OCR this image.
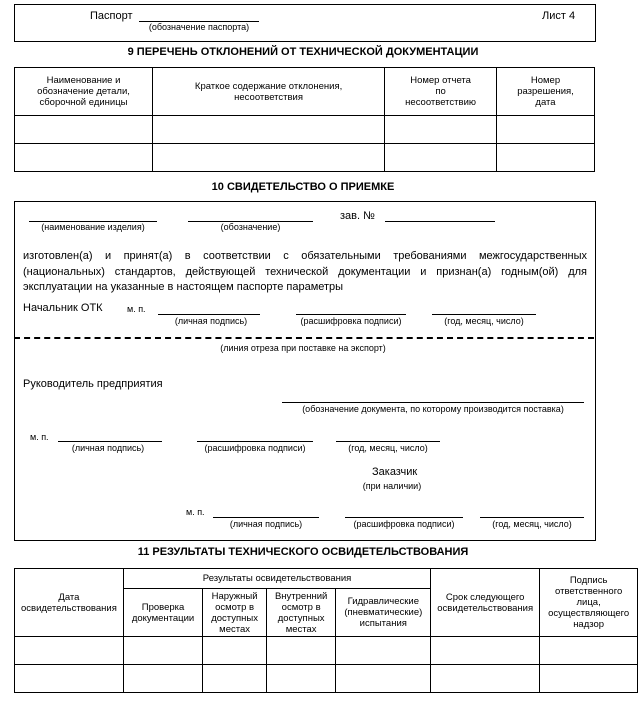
Паспорт
(обозначение паспорта)
Лист 4
9 ПЕРЕЧЕНЬ ОТКЛОНЕНИЙ ОТ ТЕХНИЧЕСКОЙ ДОКУМЕНТАЦИИ
Наименование и обозначение детали, сборочной единицы	Краткое содержание отклонения, несоответствия	Номер отчета по несоответствию	Номер разрешения, дата

10 СВИДЕТЕЛЬСТВО О ПРИЕМКЕ
(наименование изделия)	(обозначение)
зав. №
изготовлен(а) и принят(а) в соответствии с обязательными требованиями межгосударственных (национальных) стандартов, действующей технической документации и признан(а) годным(ой) для эксплуатации на указанные в настоящем паспорте параметры
Начальник ОТК	м. п.
(личная подпись)	(расшифровка подписи)	(год, месяц, число)
(линия отреза при поставке на экспорт)
Руководитель предприятия
(обозначение документа, по которому производится поставка)
м. п.
(личная подпись)	(расшифровка подписи)	(год, месяц, число)
Заказчик
(при наличии)
м. п.
(личная подпись)	(расшифровка подписи)	(год, месяц, число)
11 РЕЗУЛЬТАТЫ ТЕХНИЧЕСКОГО ОСВИДЕТЕЛЬСТВОВАНИЯ
Дата освидетельствования	Результаты освидетельствования				Срок следующего освидетельствования	Подпись ответственного лица, осуществляющего надзор
	Проверка документации	Наружный осмотр в доступных местах	Внутренний осмотр в доступных местах	Гидравлические (пневматические) испытания		
